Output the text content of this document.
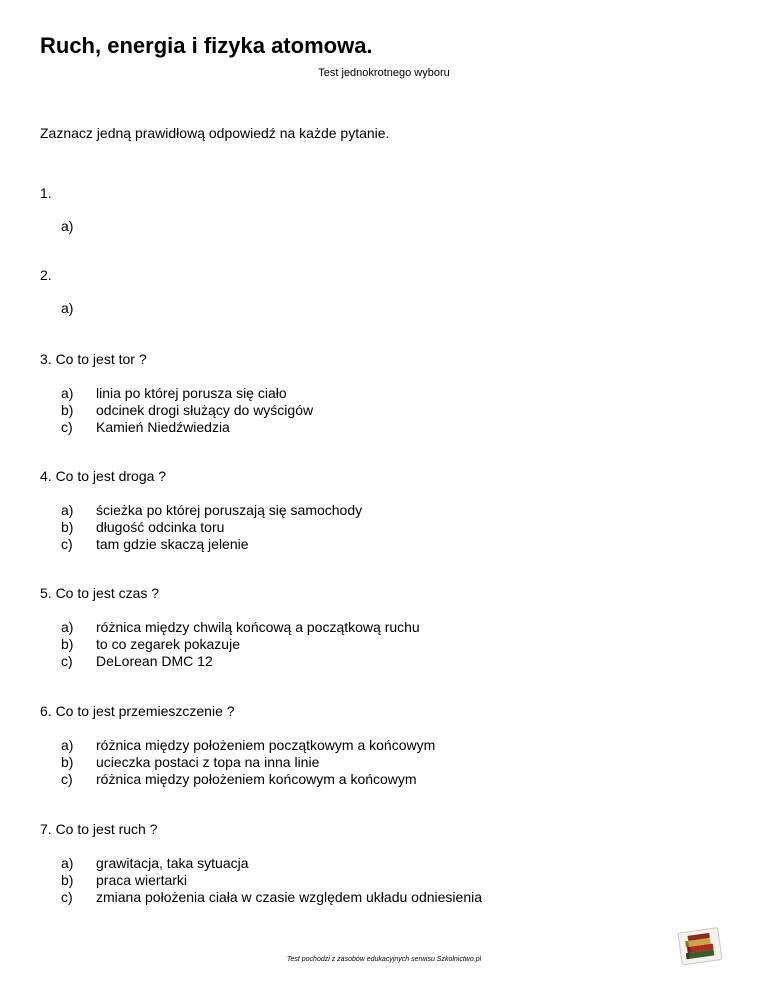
Ruch, energia i fizyka atomowa.
Test jednokrotnego wyboru
Zaznacz jedną prawidłową odpowiedź na każde pytanie.
1.
a)
2.
a)
3. Co to jest tor ?
a) linia po której porusza się ciało
b) odcinek drogi służący do wyścigów
c) Kamień Niedźwiedzia
4. Co to jest droga ?
a) ścieżka po której poruszają się samochody
b) długość odcinka toru
c) tam gdzie skaczą jelenie
5. Co to jest czas ?
a) różnica między chwilą końcową a początkową ruchu
b) to co zegarek pokazuje
c) DeLorean DMC 12
6. Co to jest przemieszczenie ?
a) różnica między położeniem początkowym a końcowym
b) ucieczka postaci z topa na inna linie
c) różnica między położeniem końcowym a końcowym
7. Co to jest ruch ?
a) grawitacja, taka sytuacja
b) praca wiertarki
c) zmiana położenia ciała w czasie względem układu odniesienia
Test pochodzi z zasobów edukacyjnych serwisu Szkolnictwo.pl
